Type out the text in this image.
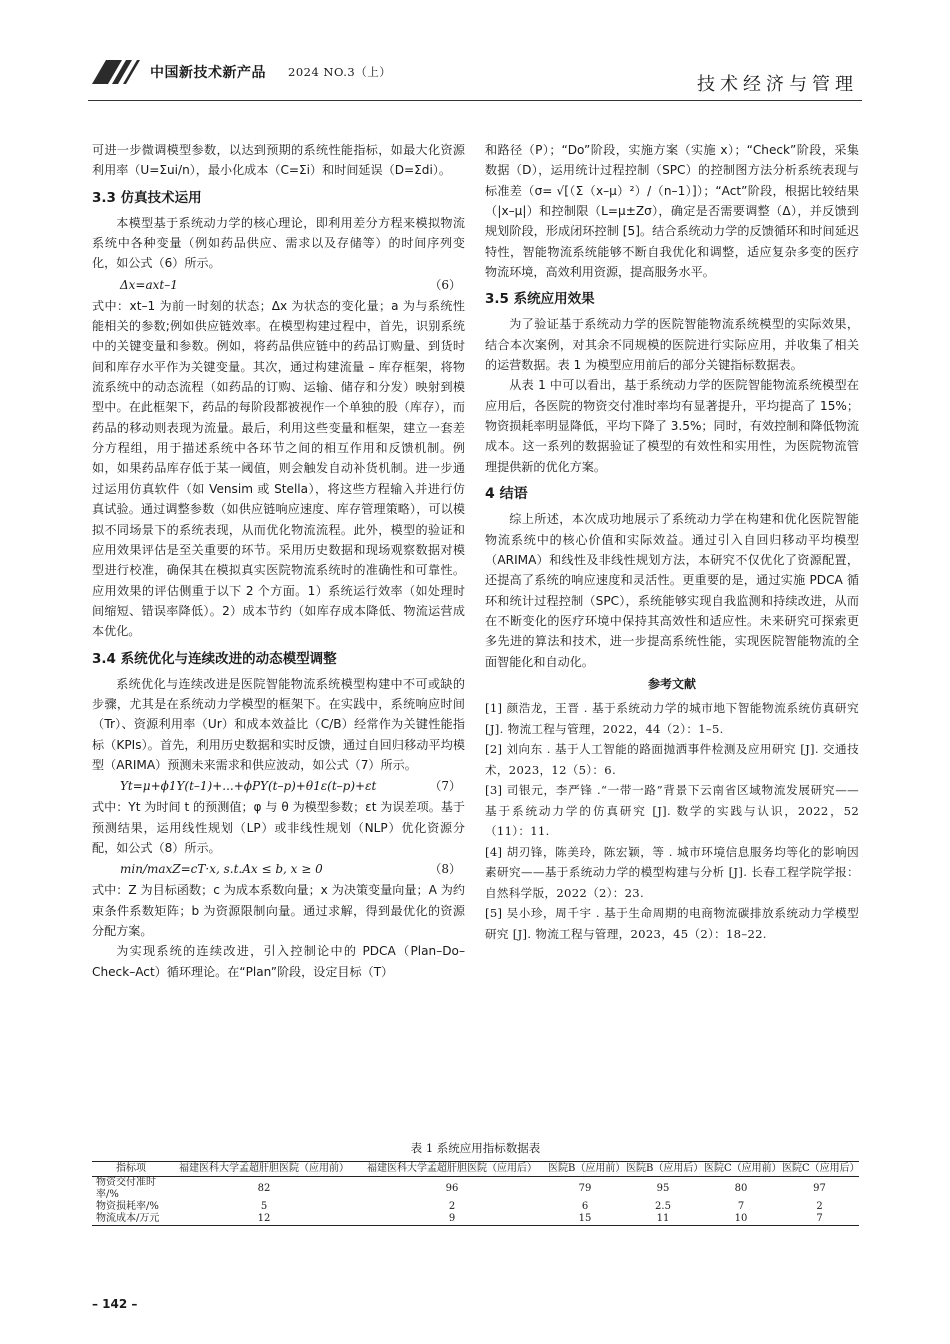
中国新技术新产品 2024 NO.3（上）
技术经济与管理

可进一步微调模型参数，以达到预期的系统性能指标，如最大化资源利用率（U=Σui/n），最小化成本（C=Σi）和时间延误（D=Σdi）。

3.3 仿真技术运用

本模型基于系统动力学的核心理论，即利用差分方程来模拟物流系统中各种变量（例如药品供应、需求以及存储等）的时间序列变化，如公式（6）所示。

Δx=axt–1	（6）

式中：xt–1 为前一时刻的状态；Δx 为状态的变化量；a 为与系统性能相关的参数;例如供应链效率。在模型构建过程中，首先，识别系统中的关键变量和参数。例如，将药品供应链中的药品订购量、到货时间和库存水平作为关键变量。其次，通过构建流量 – 库存框架，将物流系统中的动态流程（如药品的订购、运输、储存和分发）映射到模型中。在此框架下，药品的每阶段都被视作一个单独的股（库存），而药品的移动则表现为流量。最后，利用这些变量和框架，建立一套差分方程组，用于描述系统中各环节之间的相互作用和反馈机制。例如，如果药品库存低于某一阈值，则会触发自动补货机制。进一步通过运用仿真软件（如 Vensim 或 Stella），将这些方程输入并进行仿真试验。通过调整参数（如供应链响应速度、库存管理策略），可以模拟不同场景下的系统表现，从而优化物流流程。此外，模型的验证和应用效果评估是至关重要的环节。采用历史数据和现场观察数据对模型进行校准，确保其在模拟真实医院物流系统时的准确性和可靠性。应用效果的评估侧重于以下 2 个方面。1）系统运行效率（如处理时间缩短、错误率降低）。2）成本节约（如库存成本降低、物流运营成本优化。

3.4 系统优化与连续改进的动态模型调整

系统优化与连续改进是医院智能物流系统模型构建中不可或缺的步骤，尤其是在系统动力学模型的框架下。在实践中，系统响应时间（Tr）、资源利用率（Ur）和成本效益比（C/B）经常作为关键性能指标（KPIs）。首先，利用历史数据和实时反馈，通过自回归移动平均模型（ARIMA）预测未来需求和供应波动，如公式（7）所示。

Yt=μ+ϕ1Y(t–1)+...+ϕPY(t–p)+θ1ε(t–p)+εt	（7）

式中：Yt 为时间 t 的预测值；φ 与 θ 为模型参数；εt 为误差项。基于预测结果，运用线性规划（LP）或非线性规划（NLP）优化资源分配，如公式（8）所示。

min/maxZ=cT·x, s.t.Ax ≤ b, x ≥ 0	（8）

式中：Z 为目标函数；c 为成本系数向量；x 为决策变量向量；A 为约束条件系数矩阵；b 为资源限制向量。通过求解，得到最优化的资源分配方案。

为实现系统的连续改进，引入控制论中的 PDCA（Plan–Do–Check–Act）循环理论。在“Plan”阶段，设定目标（T）

和路径（P）；“Do”阶段，实施方案（实施 x）；“Check”阶段，采集数据（D），运用统计过程控制（SPC）的控制图方法分析系统表现与标准差（σ= √[（Σ（x–μ）²）/（n–1）]）；“Act”阶段，根据比较结果（|x–μ|）和控制限（L=μ±Zσ），确定是否需要调整（Δ），并反馈到规划阶段，形成闭环控制 [5]。结合系统动力学的反馈循环和时间延迟特性，智能物流系统能够不断自我优化和调整，适应复杂多变的医疗物流环境，高效利用资源，提高服务水平。

3.5 系统应用效果

为了验证基于系统动力学的医院智能物流系统模型的实际效果，结合本次案例，对其余不同规模的医院进行实际应用，并收集了相关的运营数据。表 1 为模型应用前后的部分关键指标数据表。

从表 1 中可以看出，基于系统动力学的医院智能物流系统模型在应用后，各医院的物资交付准时率均有显著提升，平均提高了 15%；物资损耗率明显降低，平均下降了 3.5%；同时，有效控制和降低物流成本。这一系列的数据验证了模型的有效性和实用性，为医院物流管理提供新的优化方案。

4 结语

综上所述，本次成功地展示了系统动力学在构建和优化医院智能物流系统中的核心价值和实际效益。通过引入自回归移动平均模型（ARIMA）和线性及非线性规划方法，本研究不仅优化了资源配置，还提高了系统的响应速度和灵活性。更重要的是，通过实施 PDCA 循环和统计过程控制（SPC），系统能够实现自我监测和持续改进，从而在不断变化的医疗环境中保持其高效性和适应性。未来研究可探索更多先进的算法和技术，进一步提高系统性能，实现医院智能物流的全面智能化和自动化。

参考文献
[1] 颜浩龙，王晋 . 基于系统动力学的城市地下智能物流系统仿真研究 [J]. 物流工程与管理，2022，44（2）：1–5.
[2] 刘向东 . 基于人工智能的路面抛洒事件检测及应用研究 [J]. 交通技术，2023，12（5）：6.
[3] 司银元，李严锋 .“一带一路”背景下云南省区域物流发展研究——基于系统动力学的仿真研究 [J]. 数学的实践与认识，2022，52（11）：11.
[4] 胡刃锋，陈美玲，陈宏颖，等 . 城市环境信息服务均等化的影响因素研究——基于系统动力学的模型构建与分析 [J]. 长春工程学院学报：自然科学版，2022（2）：23.
[5] 吴小珍，周千宇 . 基于生命周期的电商物流碳排放系统动力学模型研究 [J]. 物流工程与管理，2023，45（2）：18–22.
表 1 系统应用指标数据表
指标项	福建医科大学孟超肝胆医院（应用前）	福建医科大学孟超肝胆医院（应用后）	医院B（应用前）	医院B（应用后）	医院C（应用前）	医院C（应用后）
物资交付准时率/%	82	96	79	95	80	97
物资损耗率/%	5	2	6	2.5	7	2
物流成本/万元	12	9	15	11	10	7
– 142 –
